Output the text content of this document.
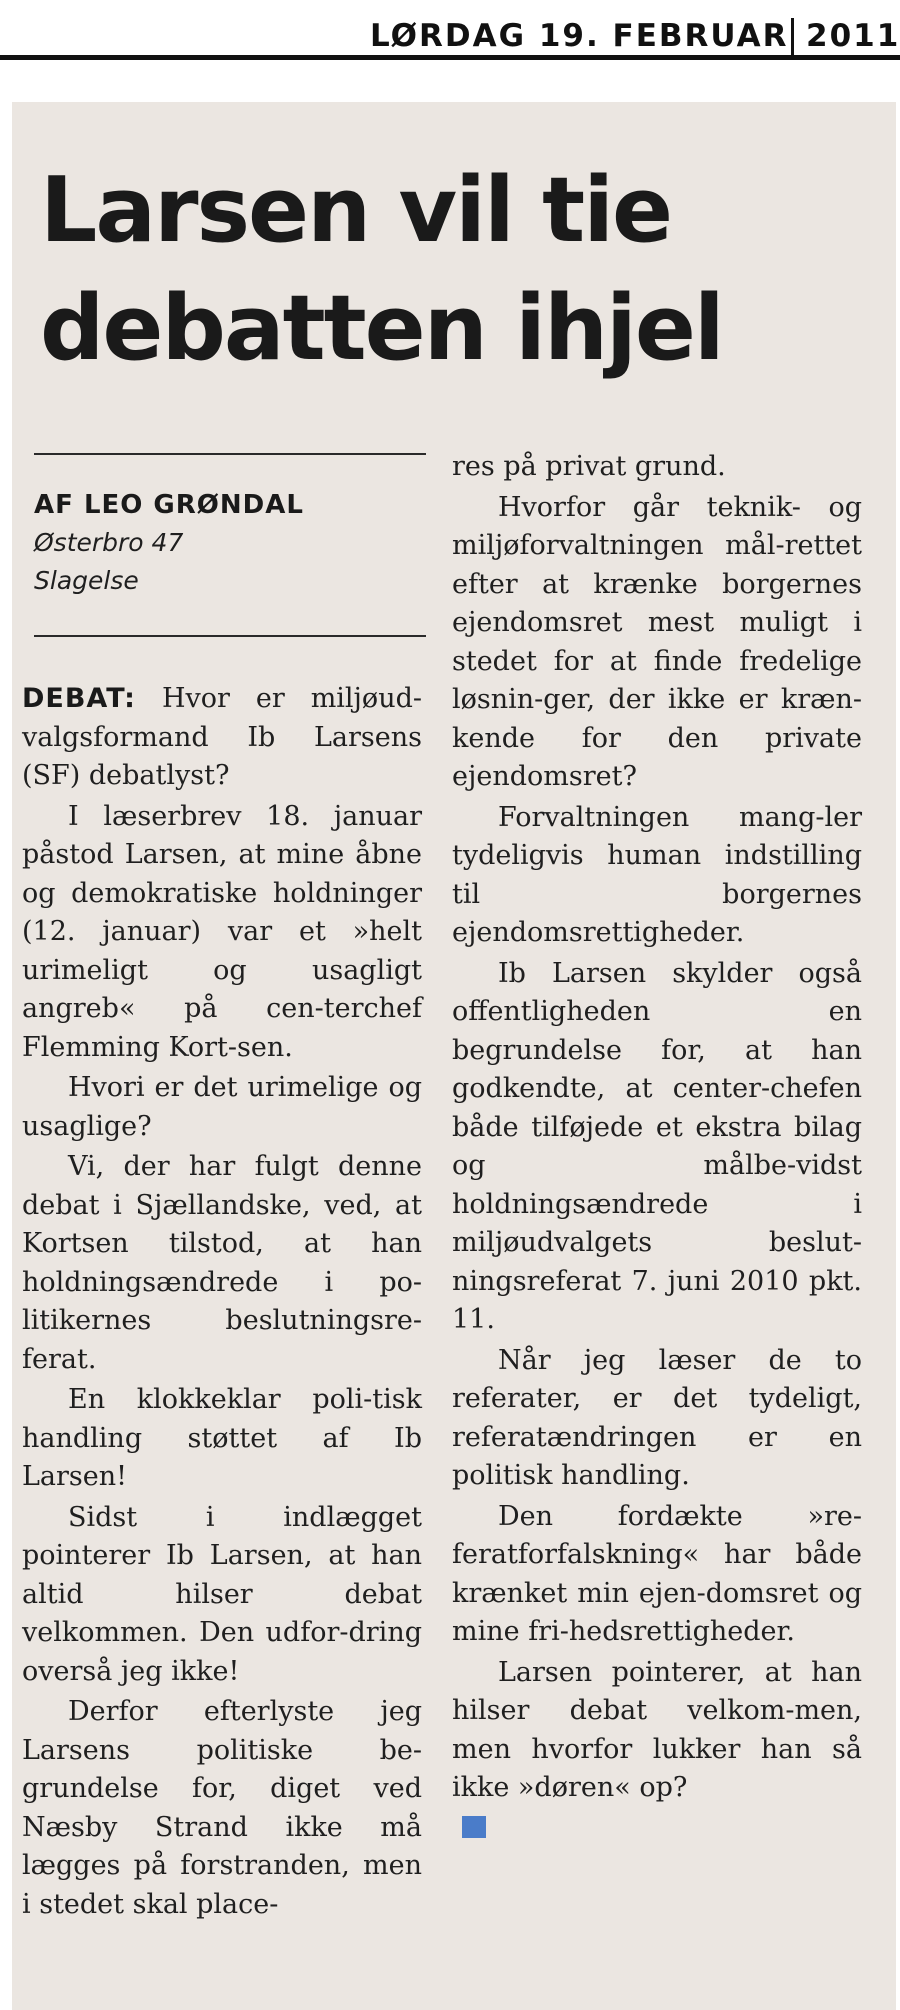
LØRDAG 19. FEBRUAR 2011
Larsen vil tie
debatten ihjel
AF LEO GRØNDAL
Østerbro 47
Slagelse

DEBAT: Hvor er miljøud-valgsformand Ib Larsens (SF) debatlyst?

I læserbrev 18. januar påstod Larsen, at mine åbne og demokratiske holdninger (12. januar) var et »helt urimeligt og usagligt angreb« på cen-terchef Flemming Kort-sen.

Hvori er det urimelige og usaglige?

Vi, der har fulgt denne debat i Sjællandske, ved, at Kortsen tilstod, at han holdningsændrede i po-litikernes beslutningsre-ferat.

En klokkeklar poli-tisk handling støttet af Ib Larsen!

Sidst i indlægget pointerer Ib Larsen, at han altid hilser debat velkommen. Den udfor-dring overså jeg ikke!

Derfor efterlyste jeg Larsens politiske be-grundelse for, diget ved Næsby Strand ikke må lægges på forstranden, men i stedet skal place-

res på privat grund.

Hvorfor går teknik- og miljøforvaltningen mål-rettet efter at krænke borgernes ejendomsret mest muligt i stedet for at finde fredelige løsnin-ger, der ikke er kræn-kende for den private ejendomsret?

Forvaltningen mang-ler tydeligvis human indstilling til borgernes ejendomsrettigheder.

Ib Larsen skylder også offentligheden en begrundelse for, at han godkendte, at center-chefen både tilføjede et ekstra bilag og målbe-vidst holdningsændrede i miljøudvalgets beslut-ningsreferat 7. juni 2010 pkt. 11.

Når jeg læser de to referater, er det tydeligt, referatændringen er en politisk handling.

Den fordækte »re-feratforfalskning« har både krænket min ejen-domsret og mine fri-hedsrettigheder.

Larsen pointerer, at han hilser debat velkom-men, men hvorfor lukker han så ikke »døren« op?
